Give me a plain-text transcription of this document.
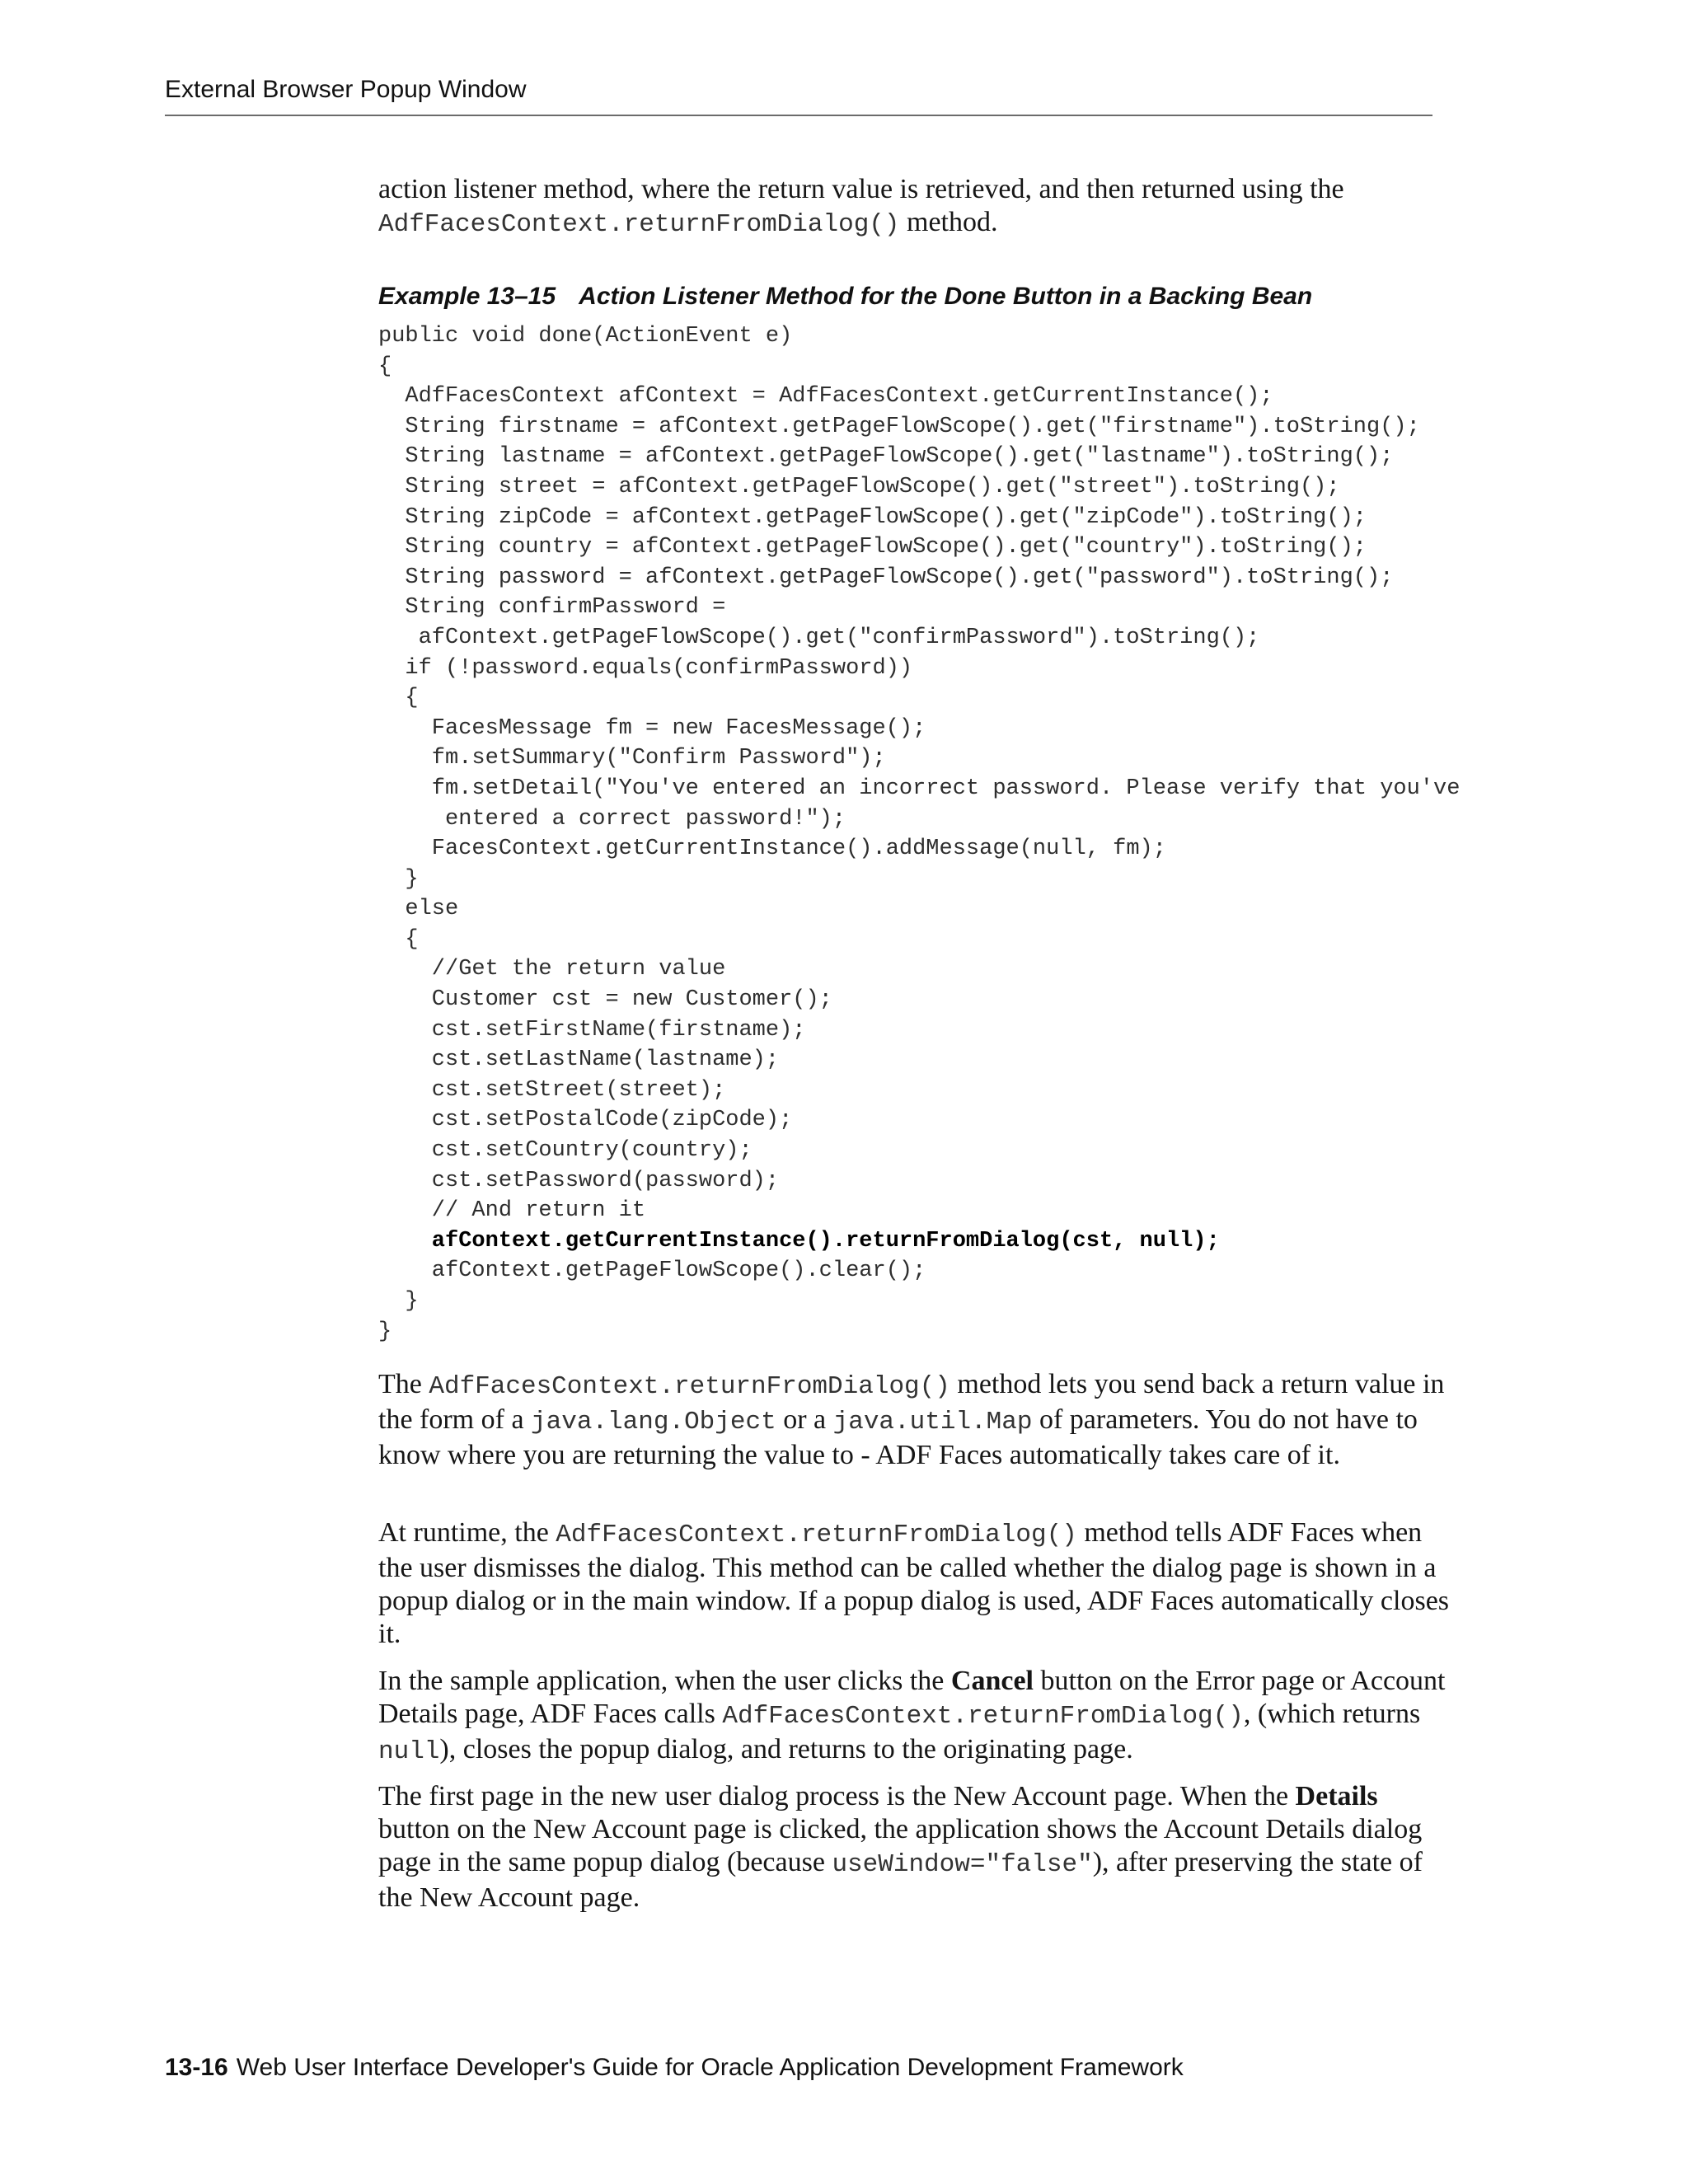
External Browser Popup Window

action listener method, where the return value is retrieved, and then returned using the AdfFacesContext.returnFromDialog() method.

Example 13–15 Action Listener Method for the Done Button in a Backing Bean

public void done(ActionEvent e)
{
AdfFacesContext afContext = AdfFacesContext.getCurrentInstance();
String firstname = afContext.getPageFlowScope().get("firstname").toString();
String lastname = afContext.getPageFlowScope().get("lastname").toString();
String street = afContext.getPageFlowScope().get("street").toString();
String zipCode = afContext.getPageFlowScope().get("zipCode").toString();
String country = afContext.getPageFlowScope().get("country").toString();
String password = afContext.getPageFlowScope().get("password").toString();
String confirmPassword =
afContext.getPageFlowScope().get("confirmPassword").toString();
if (!password.equals(confirmPassword))
{
FacesMessage fm = new FacesMessage();
fm.setSummary("Confirm Password");
fm.setDetail("You've entered an incorrect password. Please verify that you've
entered a correct password!");
FacesContext.getCurrentInstance().addMessage(null, fm);
}
else
{
//Get the return value
Customer cst = new Customer();
cst.setFirstName(firstname);
cst.setLastName(lastname);
cst.setStreet(street);
cst.setPostalCode(zipCode);
cst.setCountry(country);
cst.setPassword(password);
// And return it
afContext.getCurrentInstance().returnFromDialog(cst, null);
afContext.getPageFlowScope().clear();
}
}

The AdfFacesContext.returnFromDialog() method lets you send back a return value in the form of a java.lang.Object or a java.util.Map of parameters. You do not have to know where you are returning the value to - ADF Faces automatically takes care of it.

At runtime, the AdfFacesContext.returnFromDialog() method tells ADF Faces when the user dismisses the dialog. This method can be called whether the dialog page is shown in a popup dialog or in the main window. If a popup dialog is used, ADF Faces automatically closes it.

In the sample application, when the user clicks the Cancel button on the Error page or Account Details page, ADF Faces calls AdfFacesContext.returnFromDialog(), (which returns null), closes the popup dialog, and returns to the originating page.

The first page in the new user dialog process is the New Account page. When the Details button on the New Account page is clicked, the application shows the Account Details dialog page in the same popup dialog (because useWindow="false"), after preserving the state of the New Account page.

13-16 Web User Interface Developer's Guide for Oracle Application Development Framework
